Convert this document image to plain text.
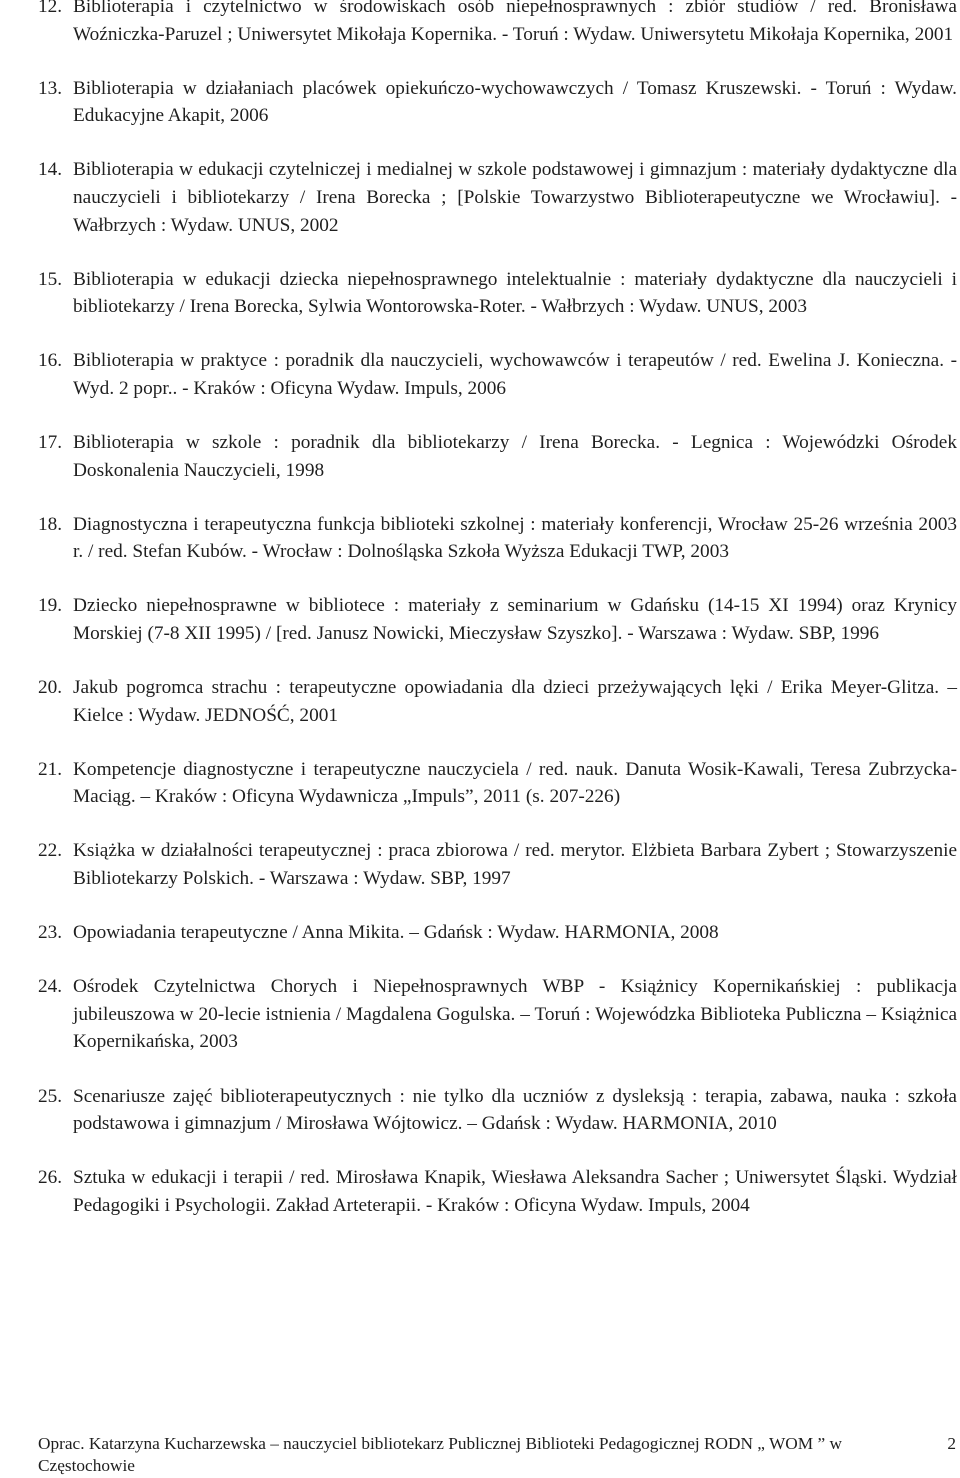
12. Biblioterapia i czytelnictwo w środowiskach osób niepełnosprawnych : zbiór studiów / red. Bronisława Woźniczka-Paruzel ; Uniwersytet Mikołaja Kopernika. - Toruń : Wydaw. Uniwersytetu Mikołaja Kopernika, 2001
13. Biblioterapia w działaniach placówek opiekuńczo-wychowawczych / Tomasz Kruszewski. - Toruń : Wydaw. Edukacyjne Akapit, 2006
14. Biblioterapia w edukacji czytelniczej i medialnej w szkole podstawowej i gimnazjum : materiały dydaktyczne dla nauczycieli i bibliotekarzy / Irena Borecka ; [Polskie Towarzystwo Biblioterapeutyczne we Wrocławiu]. - Wałbrzych : Wydaw. UNUS, 2002
15. Biblioterapia w edukacji dziecka niepełnosprawnego intelektualnie : materiały dydaktyczne dla nauczycieli i bibliotekarzy / Irena Borecka, Sylwia Wontorowska-Roter. - Wałbrzych : Wydaw. UNUS, 2003
16. Biblioterapia w praktyce : poradnik dla nauczycieli, wychowawców i terapeutów / red. Ewelina J. Konieczna. - Wyd. 2 popr.. - Kraków : Oficyna Wydaw. Impuls, 2006
17. Biblioterapia w szkole : poradnik dla bibliotekarzy / Irena Borecka. - Legnica : Wojewódzki Ośrodek Doskonalenia Nauczycieli, 1998
18. Diagnostyczna i terapeutyczna funkcja biblioteki szkolnej : materiały konferencji, Wrocław 25-26 września 2003 r. / red. Stefan Kubów. - Wrocław : Dolnośląska Szkoła Wyższa Edukacji TWP, 2003
19. Dziecko niepełnosprawne w bibliotece : materiały z seminarium w Gdańsku (14-15 XI 1994) oraz Krynicy Morskiej (7-8 XII 1995) / [red. Janusz Nowicki, Mieczysław Szyszko]. - Warszawa : Wydaw. SBP, 1996
20. Jakub pogromca strachu : terapeutyczne opowiadania dla dzieci przeżywających lęki / Erika Meyer-Glitza. – Kielce : Wydaw. JEDNOŚĆ, 2001
21. Kompetencje diagnostyczne i terapeutyczne nauczyciela / red. nauk. Danuta Wosik-Kawali, Teresa Zubrzycka-Maciąg. – Kraków : Oficyna Wydawnicza „Impuls”, 2011 (s. 207-226)
22. Książka w działalności terapeutycznej : praca zbiorowa / red. merytor. Elżbieta Barbara Zybert ; Stowarzyszenie Bibliotekarzy Polskich. - Warszawa : Wydaw. SBP, 1997
23. Opowiadania terapeutyczne / Anna Mikita. – Gdańsk : Wydaw. HARMONIA, 2008
24. Ośrodek Czytelnictwa Chorych i Niepełnosprawnych WBP - Książnicy Kopernikańskiej : publikacja jubileuszowa w 20-lecie istnienia / Magdalena Gogulska. – Toruń : Wojewódzka Biblioteka Publiczna – Książnica Kopernikańska, 2003
25. Scenariusze zajęć biblioterapeutycznych : nie tylko dla uczniów z dysleksją : terapia, zabawa, nauka : szkoła podstawowa i gimnazjum / Mirosława Wójtowicz. – Gdańsk : Wydaw. HARMONIA, 2010
26. Sztuka w edukacji i terapii / red. Mirosława Knapik, Wiesława Aleksandra Sacher ; Uniwersytet Śląski. Wydział Pedagogiki i Psychologii. Zakład Arteterapii. - Kraków : Oficyna Wydaw. Impuls, 2004
Oprac. Katarzyna Kucharzewska – nauczyciel bibliotekarz Publicznej Biblioteki Pedagogicznej RODN „ WOM ” w Częstochowie
2
